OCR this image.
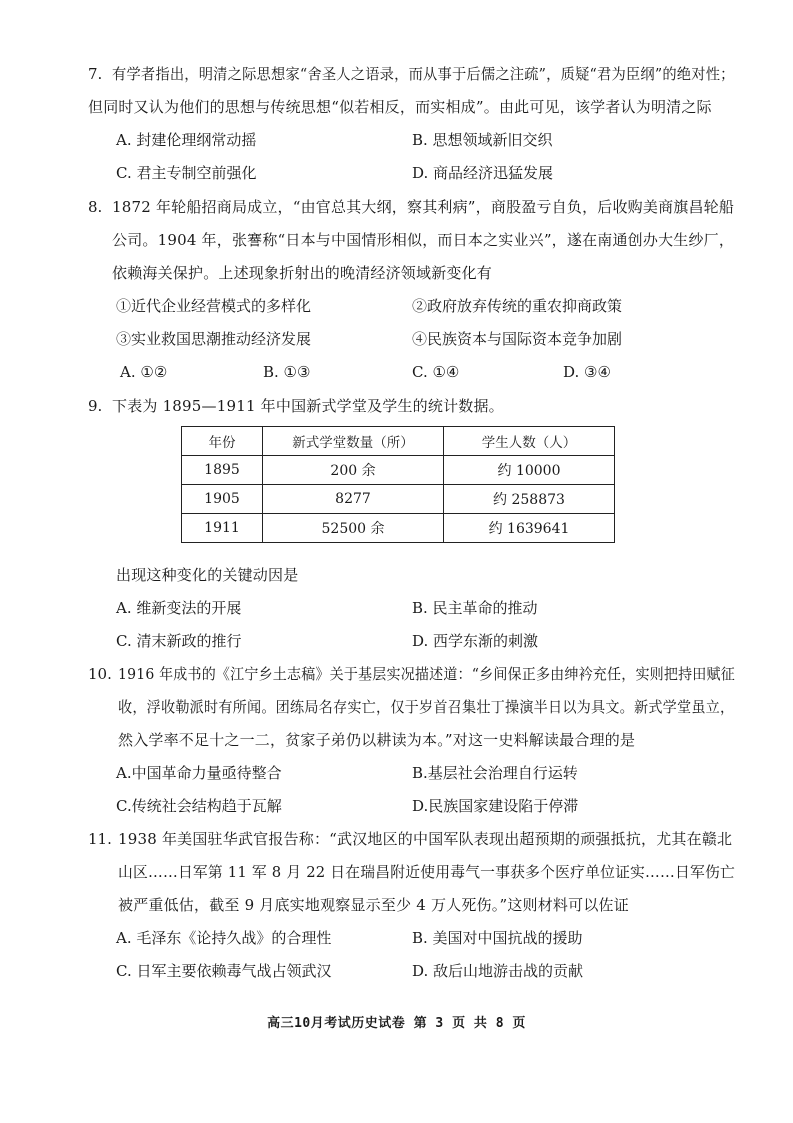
7. 有学者指出，明清之际思想家“舍圣人之语录，而从事于后儒之注疏”，质疑“君为臣纲”的绝对性；
但同时又认为他们的思想与传统思想“似若相反，而实相成”。由此可见，该学者认为明清之际
A. 封建伦理纲常动摇	B. 思想领域新旧交织
C. 君主专制空前强化	D. 商品经济迅猛发展
8. 1872 年轮船招商局成立，“由官总其大纲，察其利病”，商股盈亏自负，后收购美商旗昌轮船
公司。1904 年，张謇称“日本与中国情形相似，而日本之实业兴”，遂在南通创办大生纱厂，
依赖海关保护。上述现象折射出的晚清经济领域新变化有
①近代企业经营模式的多样化	②政府放弃传统的重农抑商政策
③实业救国思潮推动经济发展	④民族资本与国际资本竞争加剧
A. ①②	B. ①③	C. ①④	D. ③④
9. 下表为 1895—1911 年中国新式学堂及学生的统计数据。
年份	新式学堂数量（所）	学生人数（人）
1895	200 余	约 10000
1905	8277	约 258873
1911	52500 余	约 1639641
出现这种变化的关键动因是
A. 维新变法的开展	B. 民主革命的推动
C. 清末新政的推行	D. 西学东渐的刺激
10. 1916 年成书的《江宁乡土志稿》关于基层实况描述道：“乡间保正多由绅衿充任，实则把持田赋征
收，浮收勒派时有所闻。团练局名存实亡，仅于岁首召集壮丁操演半日以为具文。新式学堂虽立，
然入学率不足十之一二，贫家子弟仍以耕读为本。”对这一史料解读最合理的是
A.中国革命力量亟待整合	B.基层社会治理自行运转
C.传统社会结构趋于瓦解	D.民族国家建设陷于停滞
11. 1938 年美国驻华武官报告称：“武汉地区的中国军队表现出超预期的顽强抵抗，尤其在赣北
山区……日军第 11 军 8 月 22 日在瑞昌附近使用毒气一事获多个医疗单位证实……日军伤亡
被严重低估，截至 9 月底实地观察显示至少 4 万人死伤。”这则材料可以佐证
A. 毛泽东《论持久战》的合理性	B. 美国对中国抗战的援助
C. 日军主要依赖毒气战占领武汉	D. 敌后山地游击战的贡献
高三10月考试历史试卷 第 3 页 共 8 页
